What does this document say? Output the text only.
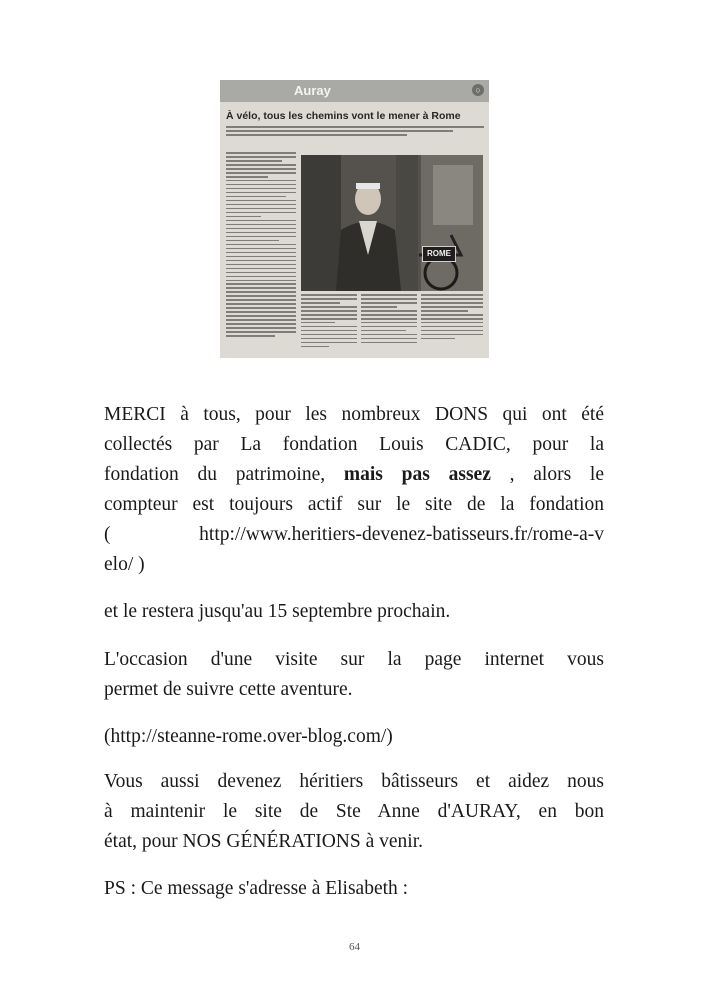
Auray	○
À vélo, tous les chemins vont le mener à Rome
ROME
MERCI à tous, pour les nombreux DONS qui ont été
collectés par La fondation Louis CADIC, pour la
fondation du patrimoine, mais pas assez , alors le
compteur est toujours actif sur le site de la fondation
( http://www.heritiers-devenez-batisseurs.fr/rome-a-v
elo/ )

et le restera jusqu'au 15 septembre prochain.

L'occasion d'une visite sur la page internet vous
permet de suivre cette aventure.

(http://steanne-rome.over-blog.com/)

Vous aussi devenez héritiers bâtisseurs et aidez nous
à maintenir le site de Ste Anne d'AURAY, en bon
état, pour NOS GÉNÉRATIONS à venir.

PS : Ce message s'adresse à Elisabeth :

64
